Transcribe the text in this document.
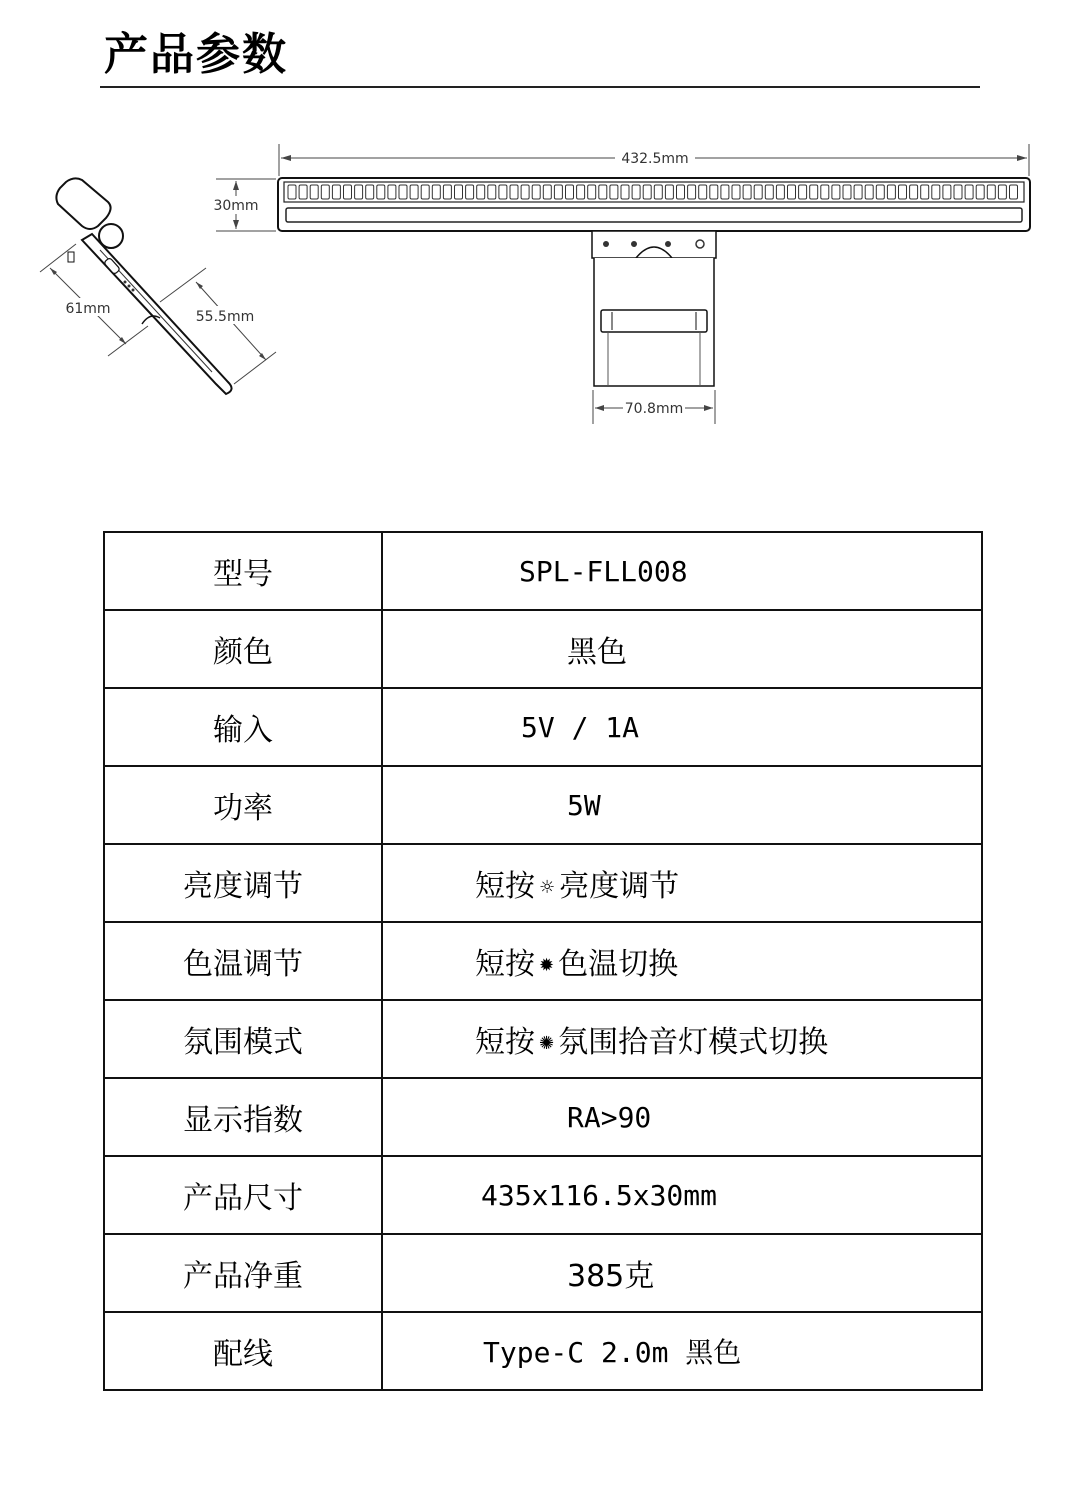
产品参数
432.5mm
30mm
70.8mm
61mm	55.5mm
型号	SPL-FLL008
颜色	黑色
输入	5V / 1A
功率	5W
亮度调节	短按 ☼ 亮度调节
色温调节	短按 ✹ 色温切换
氛围模式	短按 ✺ 氛围拾音灯模式切换
显示指数	RA>90
产品尺寸	435x116.5x30mm
产品净重	385克
配线	Type-C 2.0m 黑色
